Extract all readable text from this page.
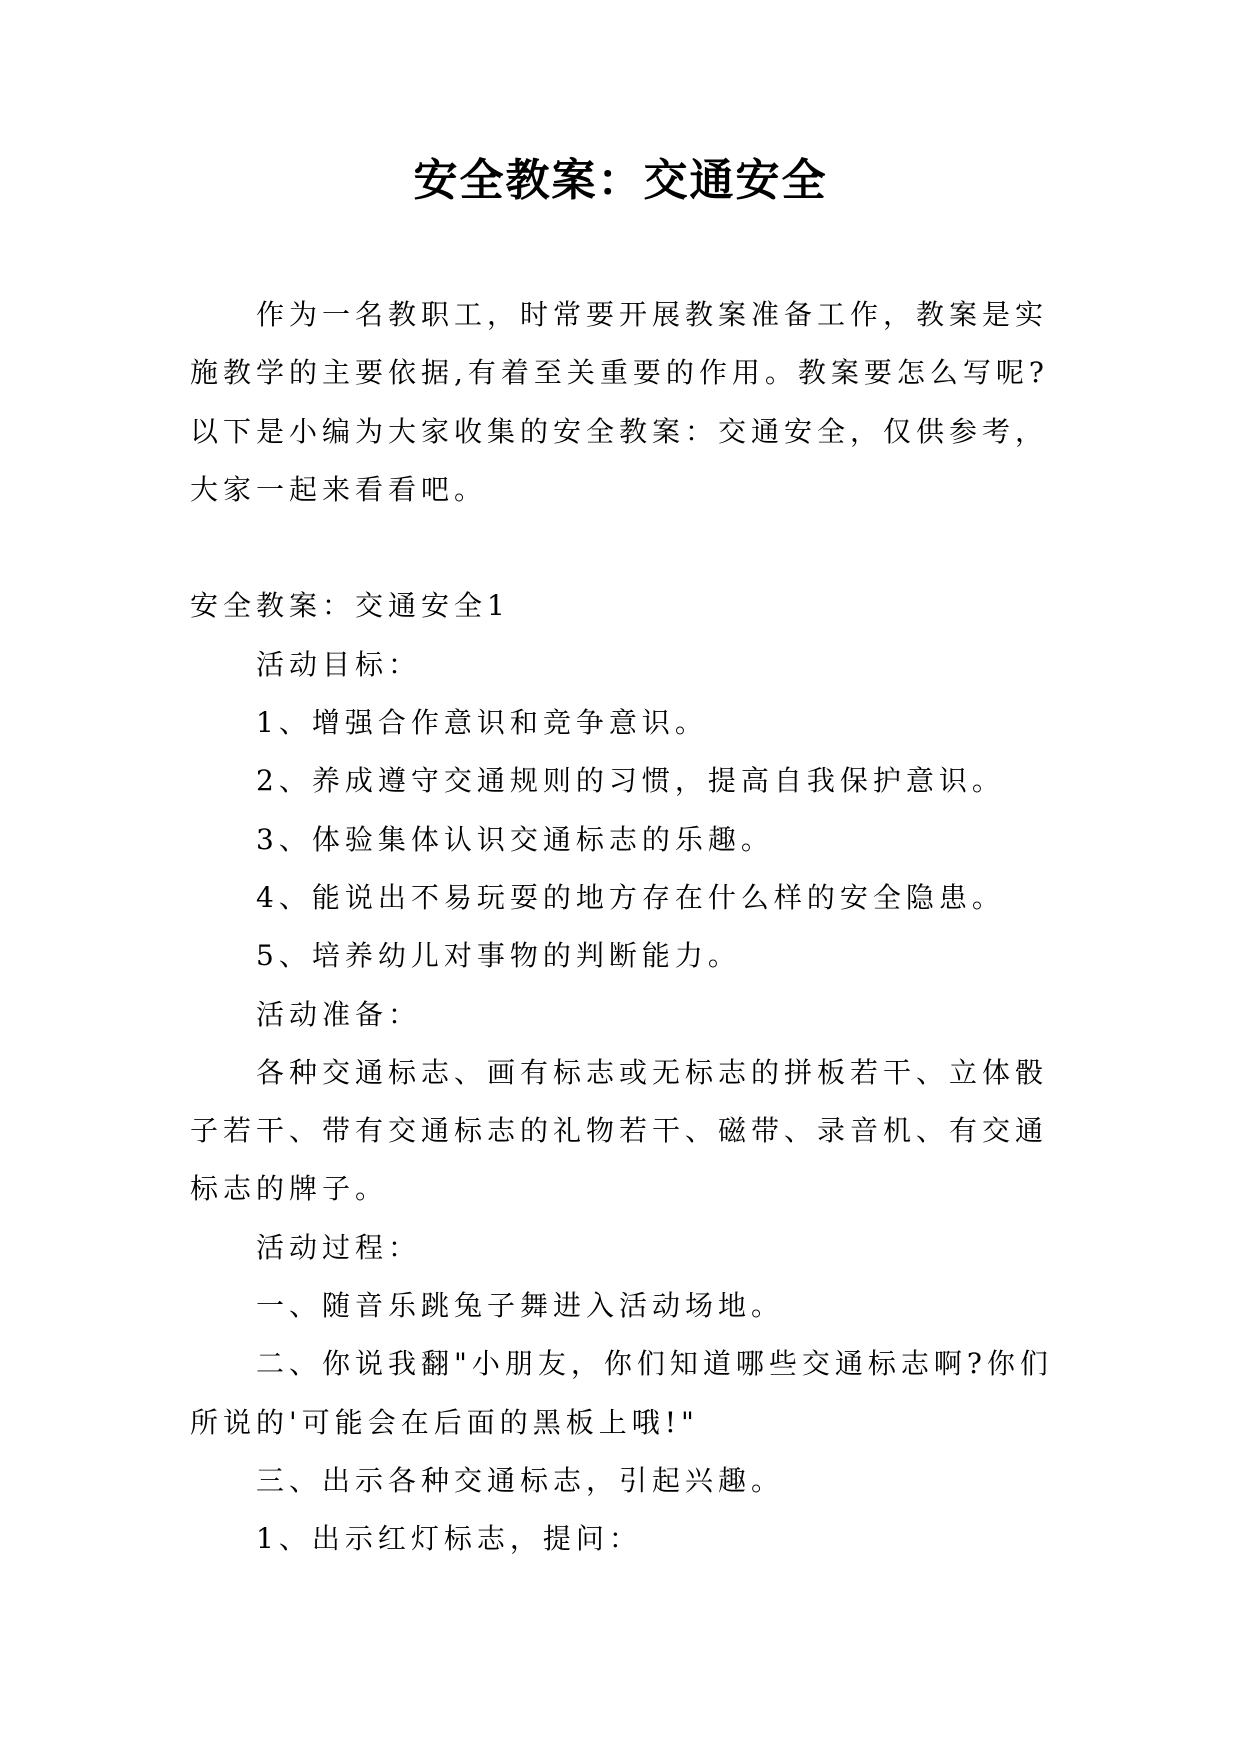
安全教案：交通安全
作为一名教职工，时常要开展教案准备工作，教案是实
施教学的主要依据,有着至关重要的作用。教案要怎么写呢?
以下是小编为大家收集的安全教案：交通安全，仅供参考，
大家一起来看看吧。
安全教案：交通安全1
活动目标：
1、增强合作意识和竞争意识。
2、养成遵守交通规则的习惯，提高自我保护意识。
3、体验集体认识交通标志的乐趣。
4、能说出不易玩耍的地方存在什么样的安全隐患。
5、培养幼儿对事物的判断能力。
活动准备：
各种交通标志、画有标志或无标志的拼板若干、立体骰
子若干、带有交通标志的礼物若干、磁带、录音机、有交通
标志的牌子。
活动过程：
一、随音乐跳兔子舞进入活动场地。
二、你说我翻"小朋友，你们知道哪些交通标志啊?你们
所说的'可能会在后面的黑板上哦!"
三、出示各种交通标志，引起兴趣。
1、出示红灯标志，提问：
